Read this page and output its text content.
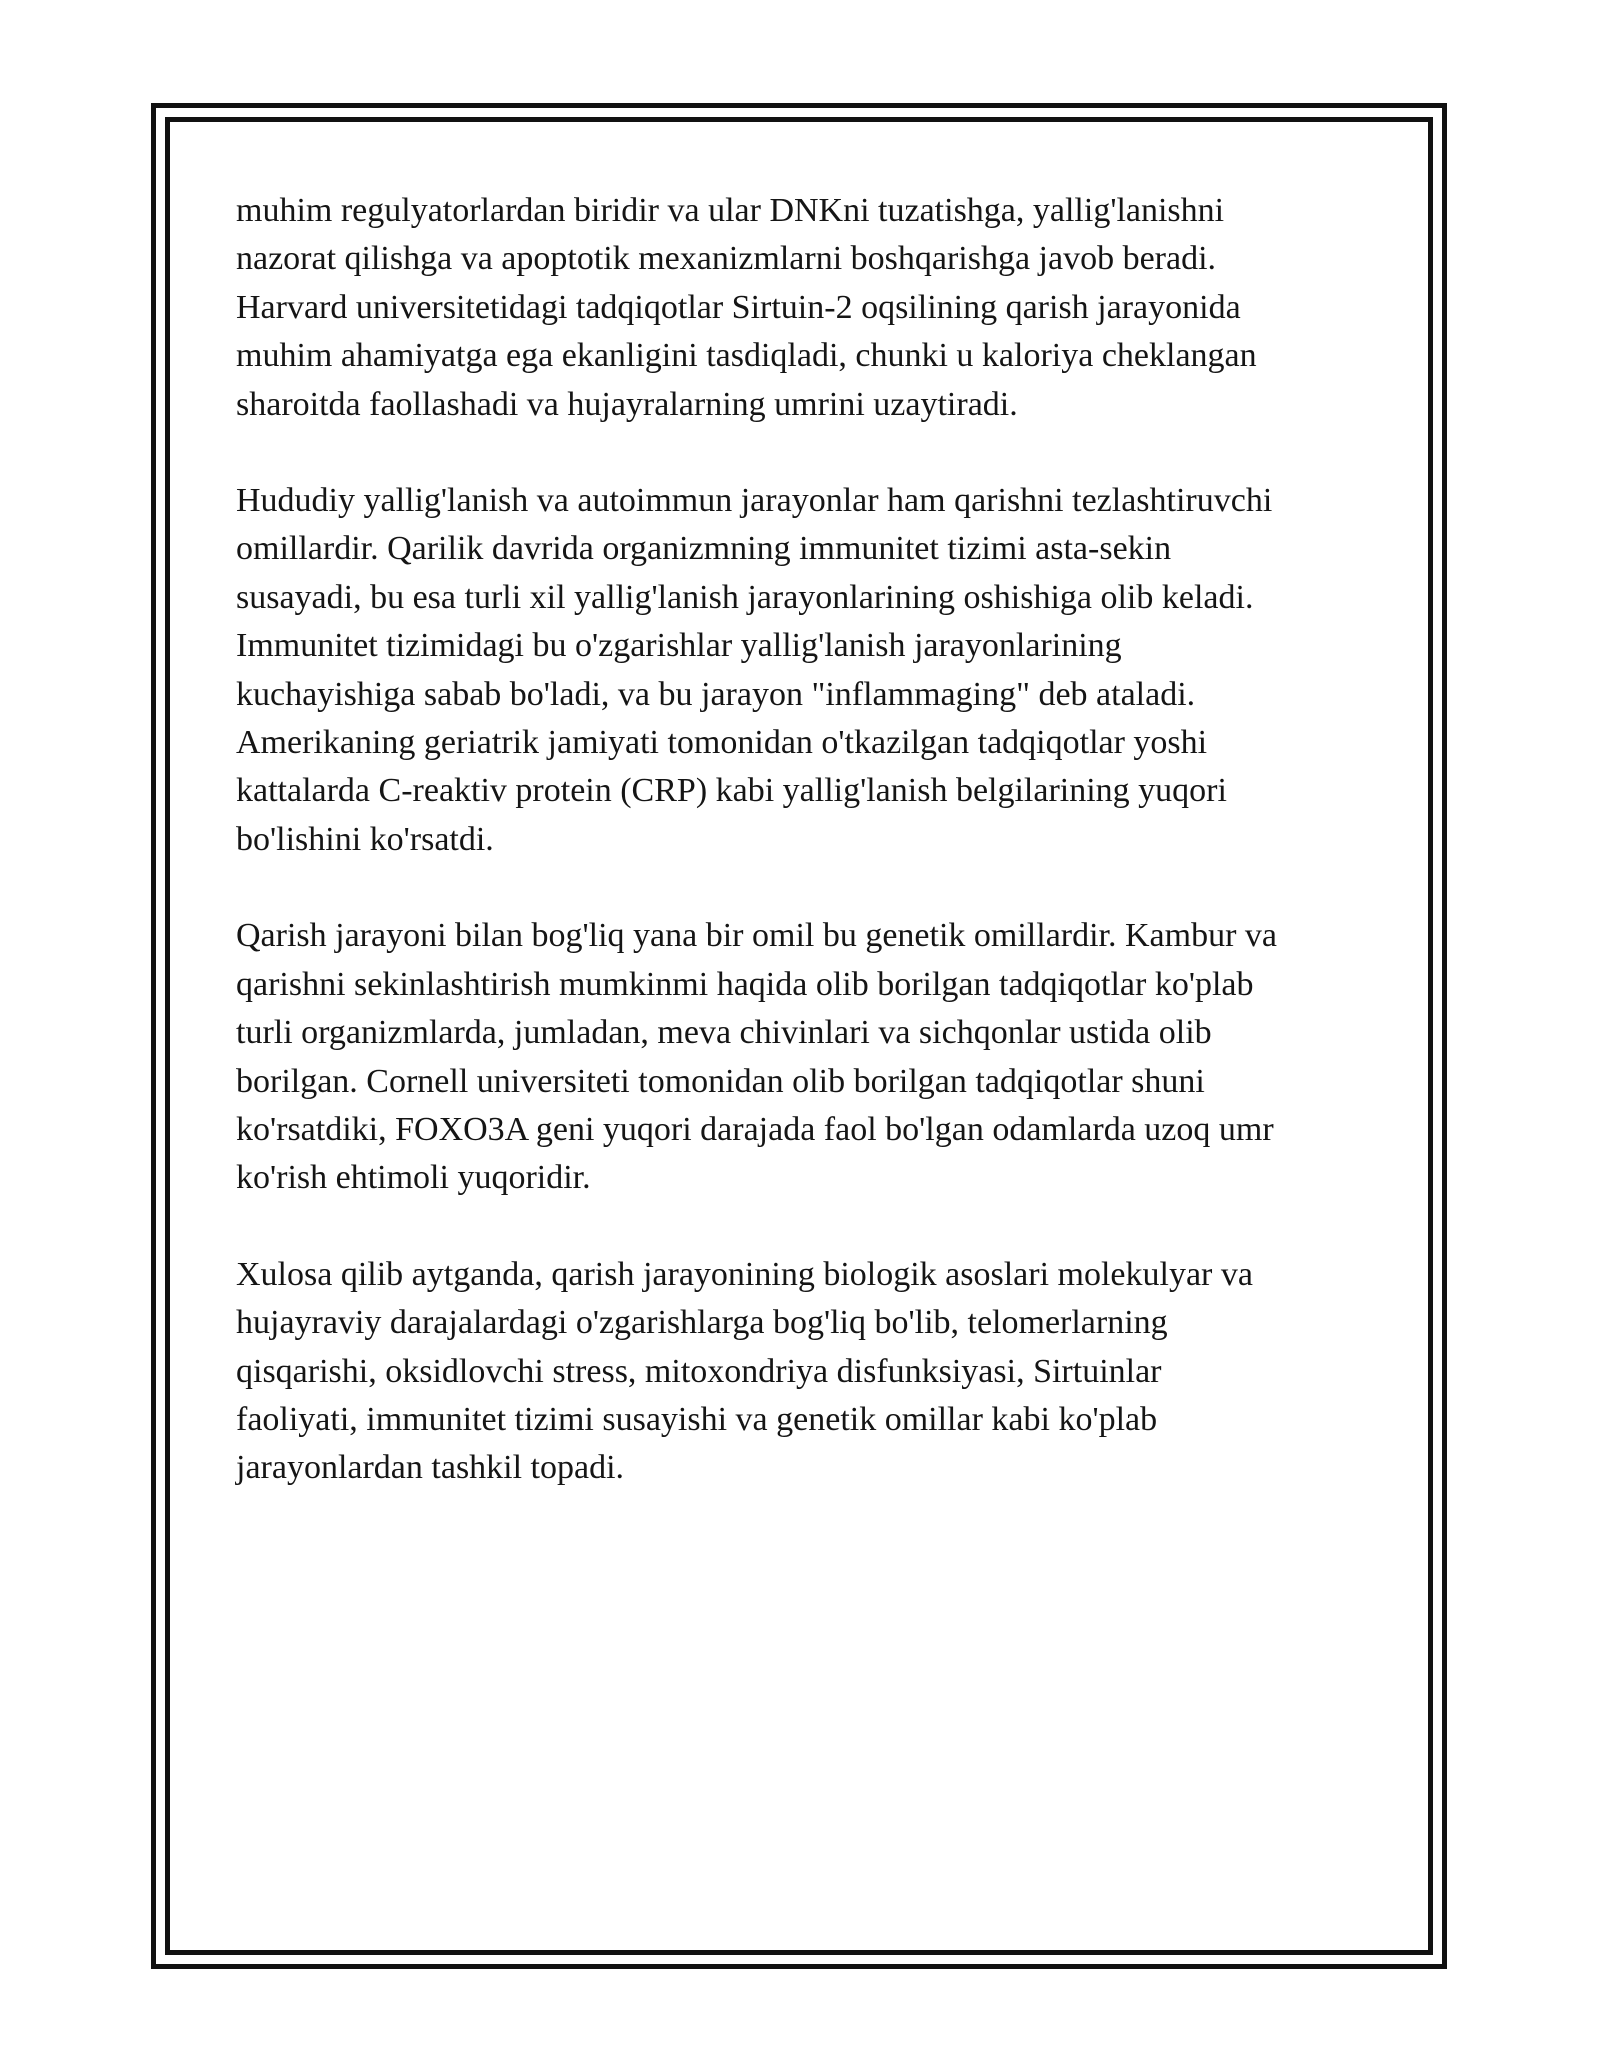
muhim regulyatorlardan biridir va ular DNKni tuzatishga, yallig'lanishni
nazorat qilishga va apoptotik mexanizmlarni boshqarishga javob beradi.
Harvard universitetidagi tadqiqotlar Sirtuin-2 oqsilining qarish jarayonida
muhim ahamiyatga ega ekanligini tasdiqladi, chunki u kaloriya cheklangan
sharoitda faollashadi va hujayralarning umrini uzaytiradi.

Hududiy yallig'lanish va autoimmun jarayonlar ham qarishni tezlashtiruvchi
omillardir. Qarilik davrida organizmning immunitet tizimi asta-sekin
susayadi, bu esa turli xil yallig'lanish jarayonlarining oshishiga olib keladi.
Immunitet tizimidagi bu o'zgarishlar yallig'lanish jarayonlarining
kuchayishiga sabab bo'ladi, va bu jarayon "inflammaging" deb ataladi.
Amerikaning geriatrik jamiyati tomonidan o'tkazilgan tadqiqotlar yoshi
kattalarda C-reaktiv protein (CRP) kabi yallig'lanish belgilarining yuqori
bo'lishini ko'rsatdi.

Qarish jarayoni bilan bog'liq yana bir omil bu genetik omillardir. Kambur va
qarishni sekinlashtirish mumkinmi haqida olib borilgan tadqiqotlar ko'plab
turli organizmlarda, jumladan, meva chivinlari va sichqonlar ustida olib
borilgan. Cornell universiteti tomonidan olib borilgan tadqiqotlar shuni
ko'rsatdiki, FOXO3A geni yuqori darajada faol bo'lgan odamlarda uzoq umr
ko'rish ehtimoli yuqoridir.

Xulosa qilib aytganda, qarish jarayonining biologik asoslari molekulyar va
hujayraviy darajalardagi o'zgarishlarga bog'liq bo'lib, telomerlarning
qisqarishi, oksidlovchi stress, mitoxondriya disfunksiyasi, Sirtuinlar
faoliyati, immunitet tizimi susayishi va genetik omillar kabi ko'plab
jarayonlardan tashkil topadi.
